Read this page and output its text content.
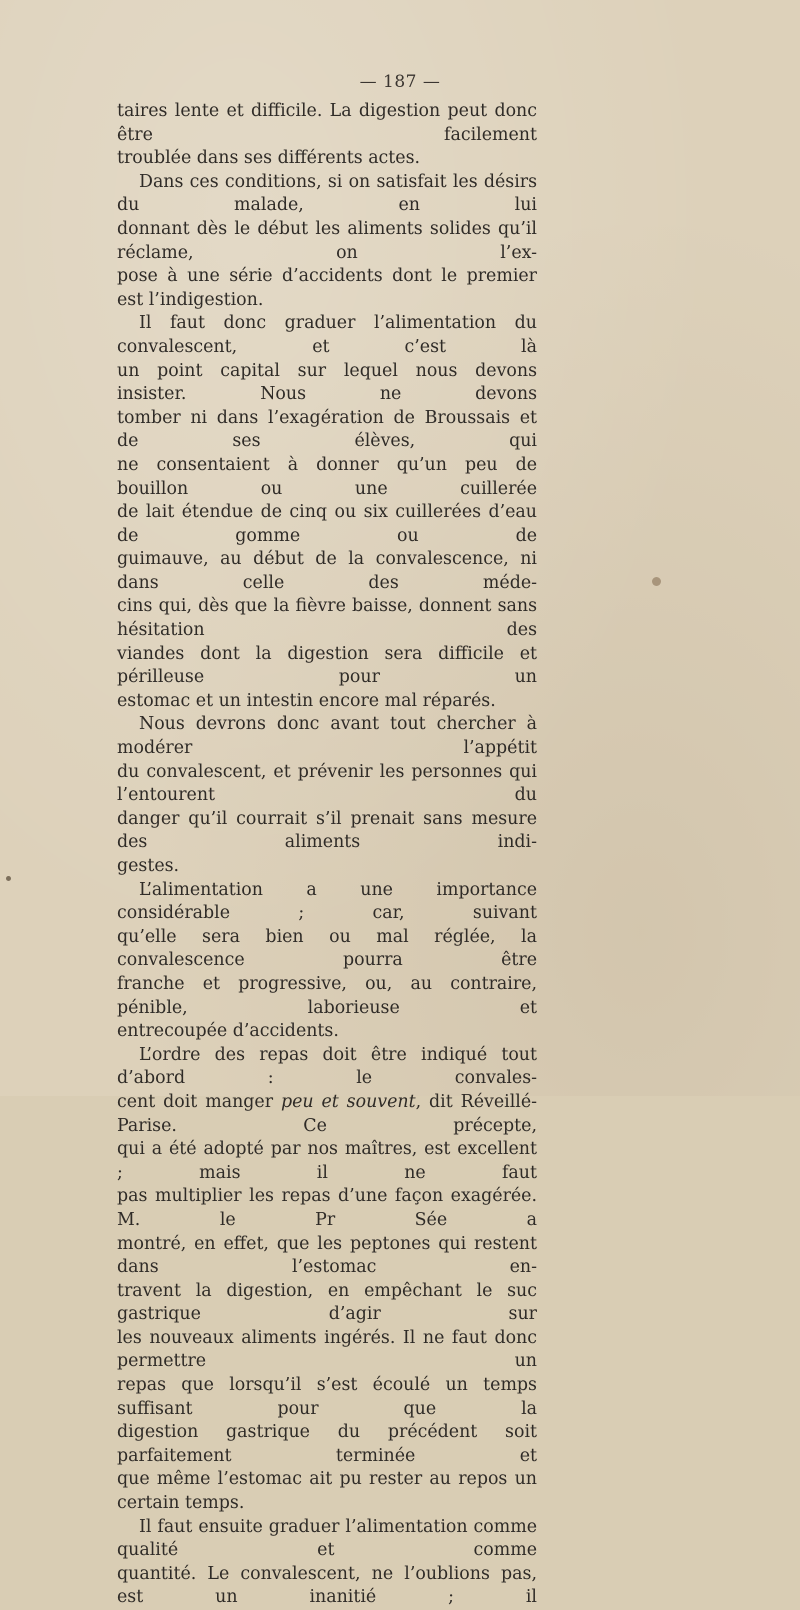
— 187 —

taires lente et difficile. La digestion peut donc être facilement
troublée dans ses différents actes.

Dans ces conditions, si on satisfait les désirs du malade, en lui
donnant dès le début les aliments solides qu’il réclame, on l’ex-
pose à une série d’accidents dont le premier est l’indigestion.

Il faut donc graduer l’alimentation du convalescent, et c’est là
un point capital sur lequel nous devons insister. Nous ne devons
tomber ni dans l’exagération de Broussais et de ses élèves, qui
ne consentaient à donner qu’un peu de bouillon ou une cuillerée
de lait étendue de cinq ou six cuillerées d’eau de gomme ou de
guimauve, au début de la convalescence, ni dans celle des méde-
cins qui, dès que la fièvre baisse, donnent sans hésitation des
viandes dont la digestion sera difficile et périlleuse pour un
estomac et un intestin encore mal réparés.

Nous devrons donc avant tout chercher à modérer l’appétit
du convalescent, et prévenir les personnes qui l’entourent du
danger qu’il courrait s’il prenait sans mesure des aliments indi-
gestes.

L’alimentation a une importance considérable ; car, suivant
qu’elle sera bien ou mal réglée, la convalescence pourra être
franche et progressive, ou, au contraire, pénible, laborieuse et
entrecoupée d’accidents.

L’ordre des repas doit être indiqué tout d’abord : le convales-
cent doit manger peu et souvent, dit Réveillé-Parise. Ce précepte,
qui a été adopté par nos maîtres, est excellent ; mais il ne faut
pas multiplier les repas d’une façon exagérée. M. le Pr Sée a
montré, en effet, que les peptones qui restent dans l’estomac en-
travent la digestion, en empêchant le suc gastrique d’agir sur
les nouveaux aliments ingérés. Il ne faut donc permettre un
repas que lorsqu’il s’est écoulé un temps suffisant pour que la
digestion gastrique du précédent soit parfaitement terminée et
que même l’estomac ait pu rester au repos un certain temps.

Il faut ensuite graduer l’alimentation comme qualité et comme
quantité. Le convalescent, ne l’oublions pas, est un inanitié ; il
